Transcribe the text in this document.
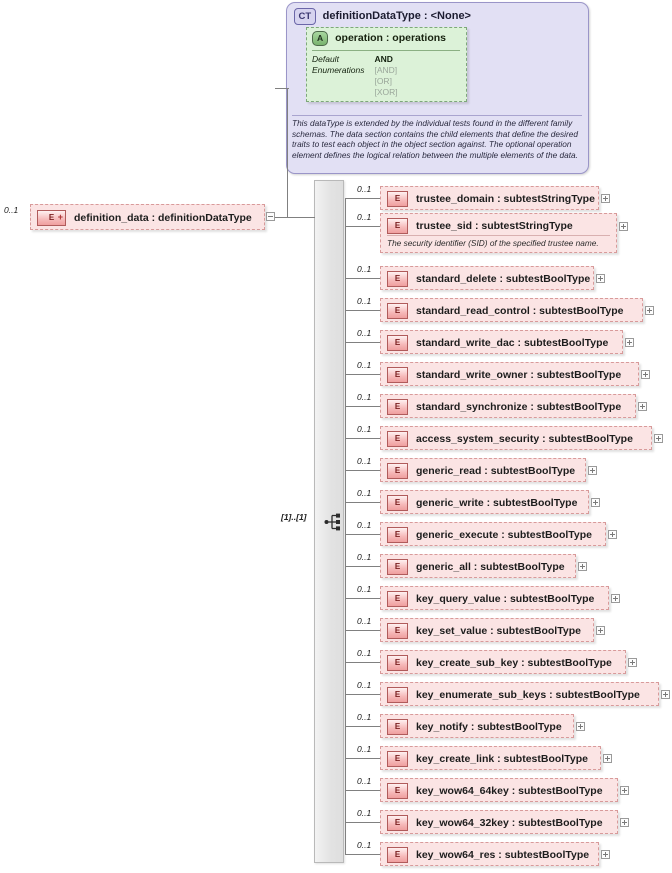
CT	definitionDataType : <None>
A	operation : operations
Default	AND
Enumerations	[AND]
	[OR]
	[XOR]
This dataType is extended by the individual tests found in the different family schemas. The data section contains the child elements that define the desired traits to test each object in the object section against. The optional operation element defines the logical relation between the multiple elements of the data.
[1]..[1]
E + definition_data : definitionDataType
0..1
E	trustee_domain : subtestStringType
0..1
E	trustee_sid : subtestStringType
The security identifier (SID) of the specified trustee name.
0..1
E	standard_delete : subtestBoolType
0..1
E	standard_read_control : subtestBoolType
0..1
E	standard_write_dac : subtestBoolType
0..1
E	standard_write_owner : subtestBoolType
0..1
E	standard_synchronize : subtestBoolType
0..1
E	access_system_security : subtestBoolType
0..1
E	generic_read : subtestBoolType
0..1
E	generic_write : subtestBoolType
0..1
E	generic_execute : subtestBoolType
0..1
E	generic_all : subtestBoolType
0..1
E	key_query_value : subtestBoolType
0..1
E	key_set_value : subtestBoolType
0..1
E	key_create_sub_key : subtestBoolType
0..1
E	key_enumerate_sub_keys : subtestBoolType
0..1
E	key_notify : subtestBoolType
0..1
E	key_create_link : subtestBoolType
0..1
E	key_wow64_64key : subtestBoolType
0..1
E	key_wow64_32key : subtestBoolType
0..1
E	key_wow64_res : subtestBoolType
0..1
